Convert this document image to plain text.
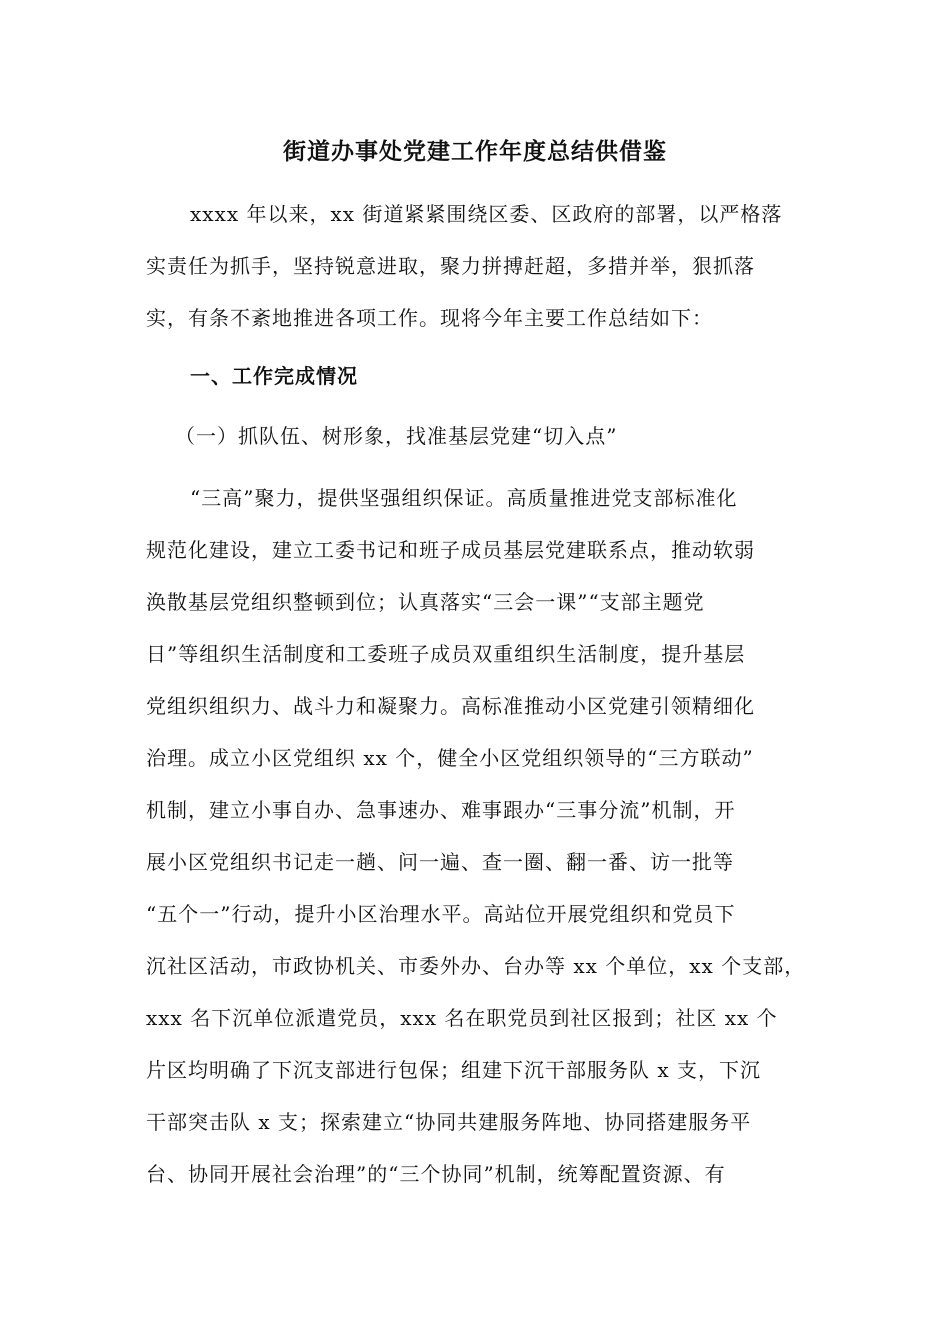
街道办事处党建工作年度总结供借鉴
xxxx 年以来，xx 街道紧紧围绕区委、区政府的部署，以严格落
实责任为抓手，坚持锐意进取，聚力拼搏赶超，多措并举，狠抓落
实，有条不紊地推进各项工作。现将今年主要工作总结如下：
一、工作完成情况
（一）抓队伍、树形象，找准基层党建“切入点”
“三高”聚力，提供坚强组织保证。高质量推进党支部标准化
规范化建设，建立工委书记和班子成员基层党建联系点，推动软弱
涣散基层党组织整顿到位；认真落实“三会一课”“支部主题党
日”等组织生活制度和工委班子成员双重组织生活制度，提升基层
党组织组织力、战斗力和凝聚力。高标准推动小区党建引领精细化
治理。成立小区党组织 xx 个，健全小区党组织领导的“三方联动”
机制，建立小事自办、急事速办、难事跟办“三事分流”机制，开
展小区党组织书记走一趟、问一遍、查一圈、翻一番、访一批等
“五个一”行动，提升小区治理水平。高站位开展党组织和党员下
沉社区活动，市政协机关、市委外办、台办等 xx 个单位，xx 个支部，
xxx 名下沉单位派遣党员，xxx 名在职党员到社区报到；社区 xx 个
片区均明确了下沉支部进行包保；组建下沉干部服务队 x 支，下沉
干部突击队 x 支；探索建立“协同共建服务阵地、协同搭建服务平
台、协同开展社会治理”的“三个协同”机制，统筹配置资源、有
